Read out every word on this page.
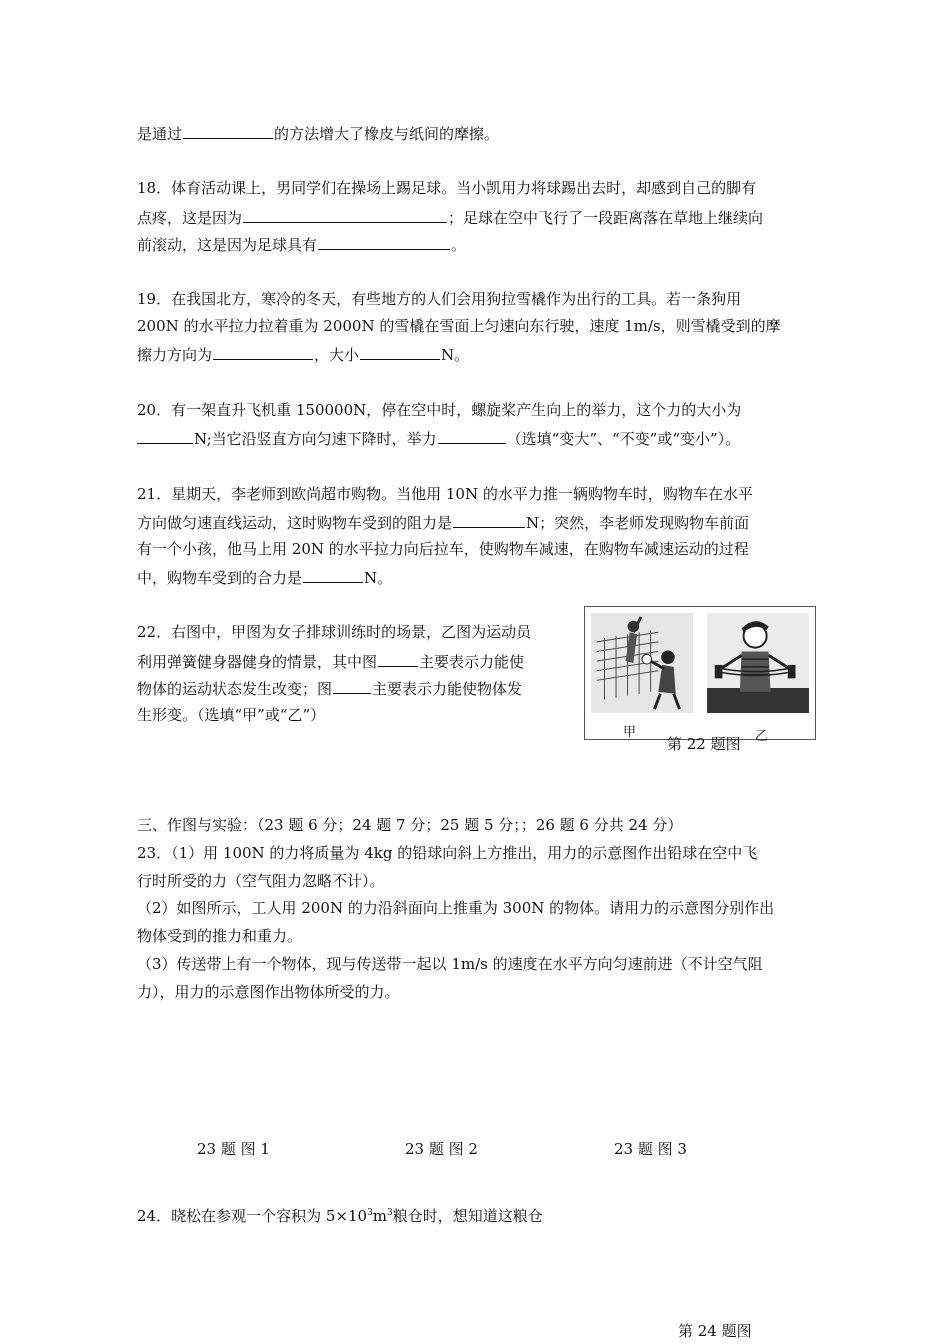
是通过	的方法增大了橡皮与纸间的摩擦。
18．体育活动课上，男同学们在操场上踢足球。当小凯用力将球踢出去时，却感到自己的脚有
点疼，这是因为	；足球在空中飞行了一段距离落在草地上继续向
前滚动，这是因为足球具有	。
19．在我国北方，寒冷的冬天，有些地方的人们会用狗拉雪橇作为出行的工具。若一条狗用
200N 的水平拉力拉着重为 2000N 的雪橇在雪面上匀速向东行驶，速度 1m/s，则雪橇受到的摩
擦力方向为	，大小	N。
20．有一架直升飞机重 150000N，停在空中时，螺旋桨产生向上的举力，这个力的大小为
N;当它沿竖直方向匀速下降时，举力	（选填“变大”、“不变”或“变小”）。
21．星期天，李老师到欧尚超市购物。当他用 10N 的水平力推一辆购物车时，购物车在水平
方向做匀速直线运动，这时购物车受到的阻力是	N；突然，李老师发现购物车前面
有一个小孩，他马上用 20N 的水平拉力向后拉车，使购物车减速，在购物车减速运动的过程
中，购物车受到的合力是	N。
22．右图中，甲图为女子排球训练时的场景，乙图为运动员
利用弹簧健身器健身的情景，其中图	主要表示力能使
物体的运动状态发生改变；图	主要表示力能使物体发
生形变。（选填“甲”或“乙”）
甲	乙
第 22 题图
三、作图与实验：（23 题 6 分；24 题 7 分；25 题 5 分；；26 题 6 分共 24 分）
23．（1）用 100N 的力将质量为 4kg 的铅球向斜上方推出，用力的示意图作出铅球在空中飞
行时所受的力（空气阻力忽略不计）。
（2）如图所示，工人用 200N 的力沿斜面向上推重为 300N 的物体。请用力的示意图分别作出
物体受到的推力和重力。
（3）传送带上有一个物体，现与传送带一起以 1m/s 的速度在水平方向匀速前进（不计空气阻
力），用力的示意图作出物体所受的力。
23 题 图 1	23 题 图 2	23 题 图 3
24．晓松在参观一个容积为 $5\times 10^3m^3$粮仓时，想知道这粮仓
第 24 题图
